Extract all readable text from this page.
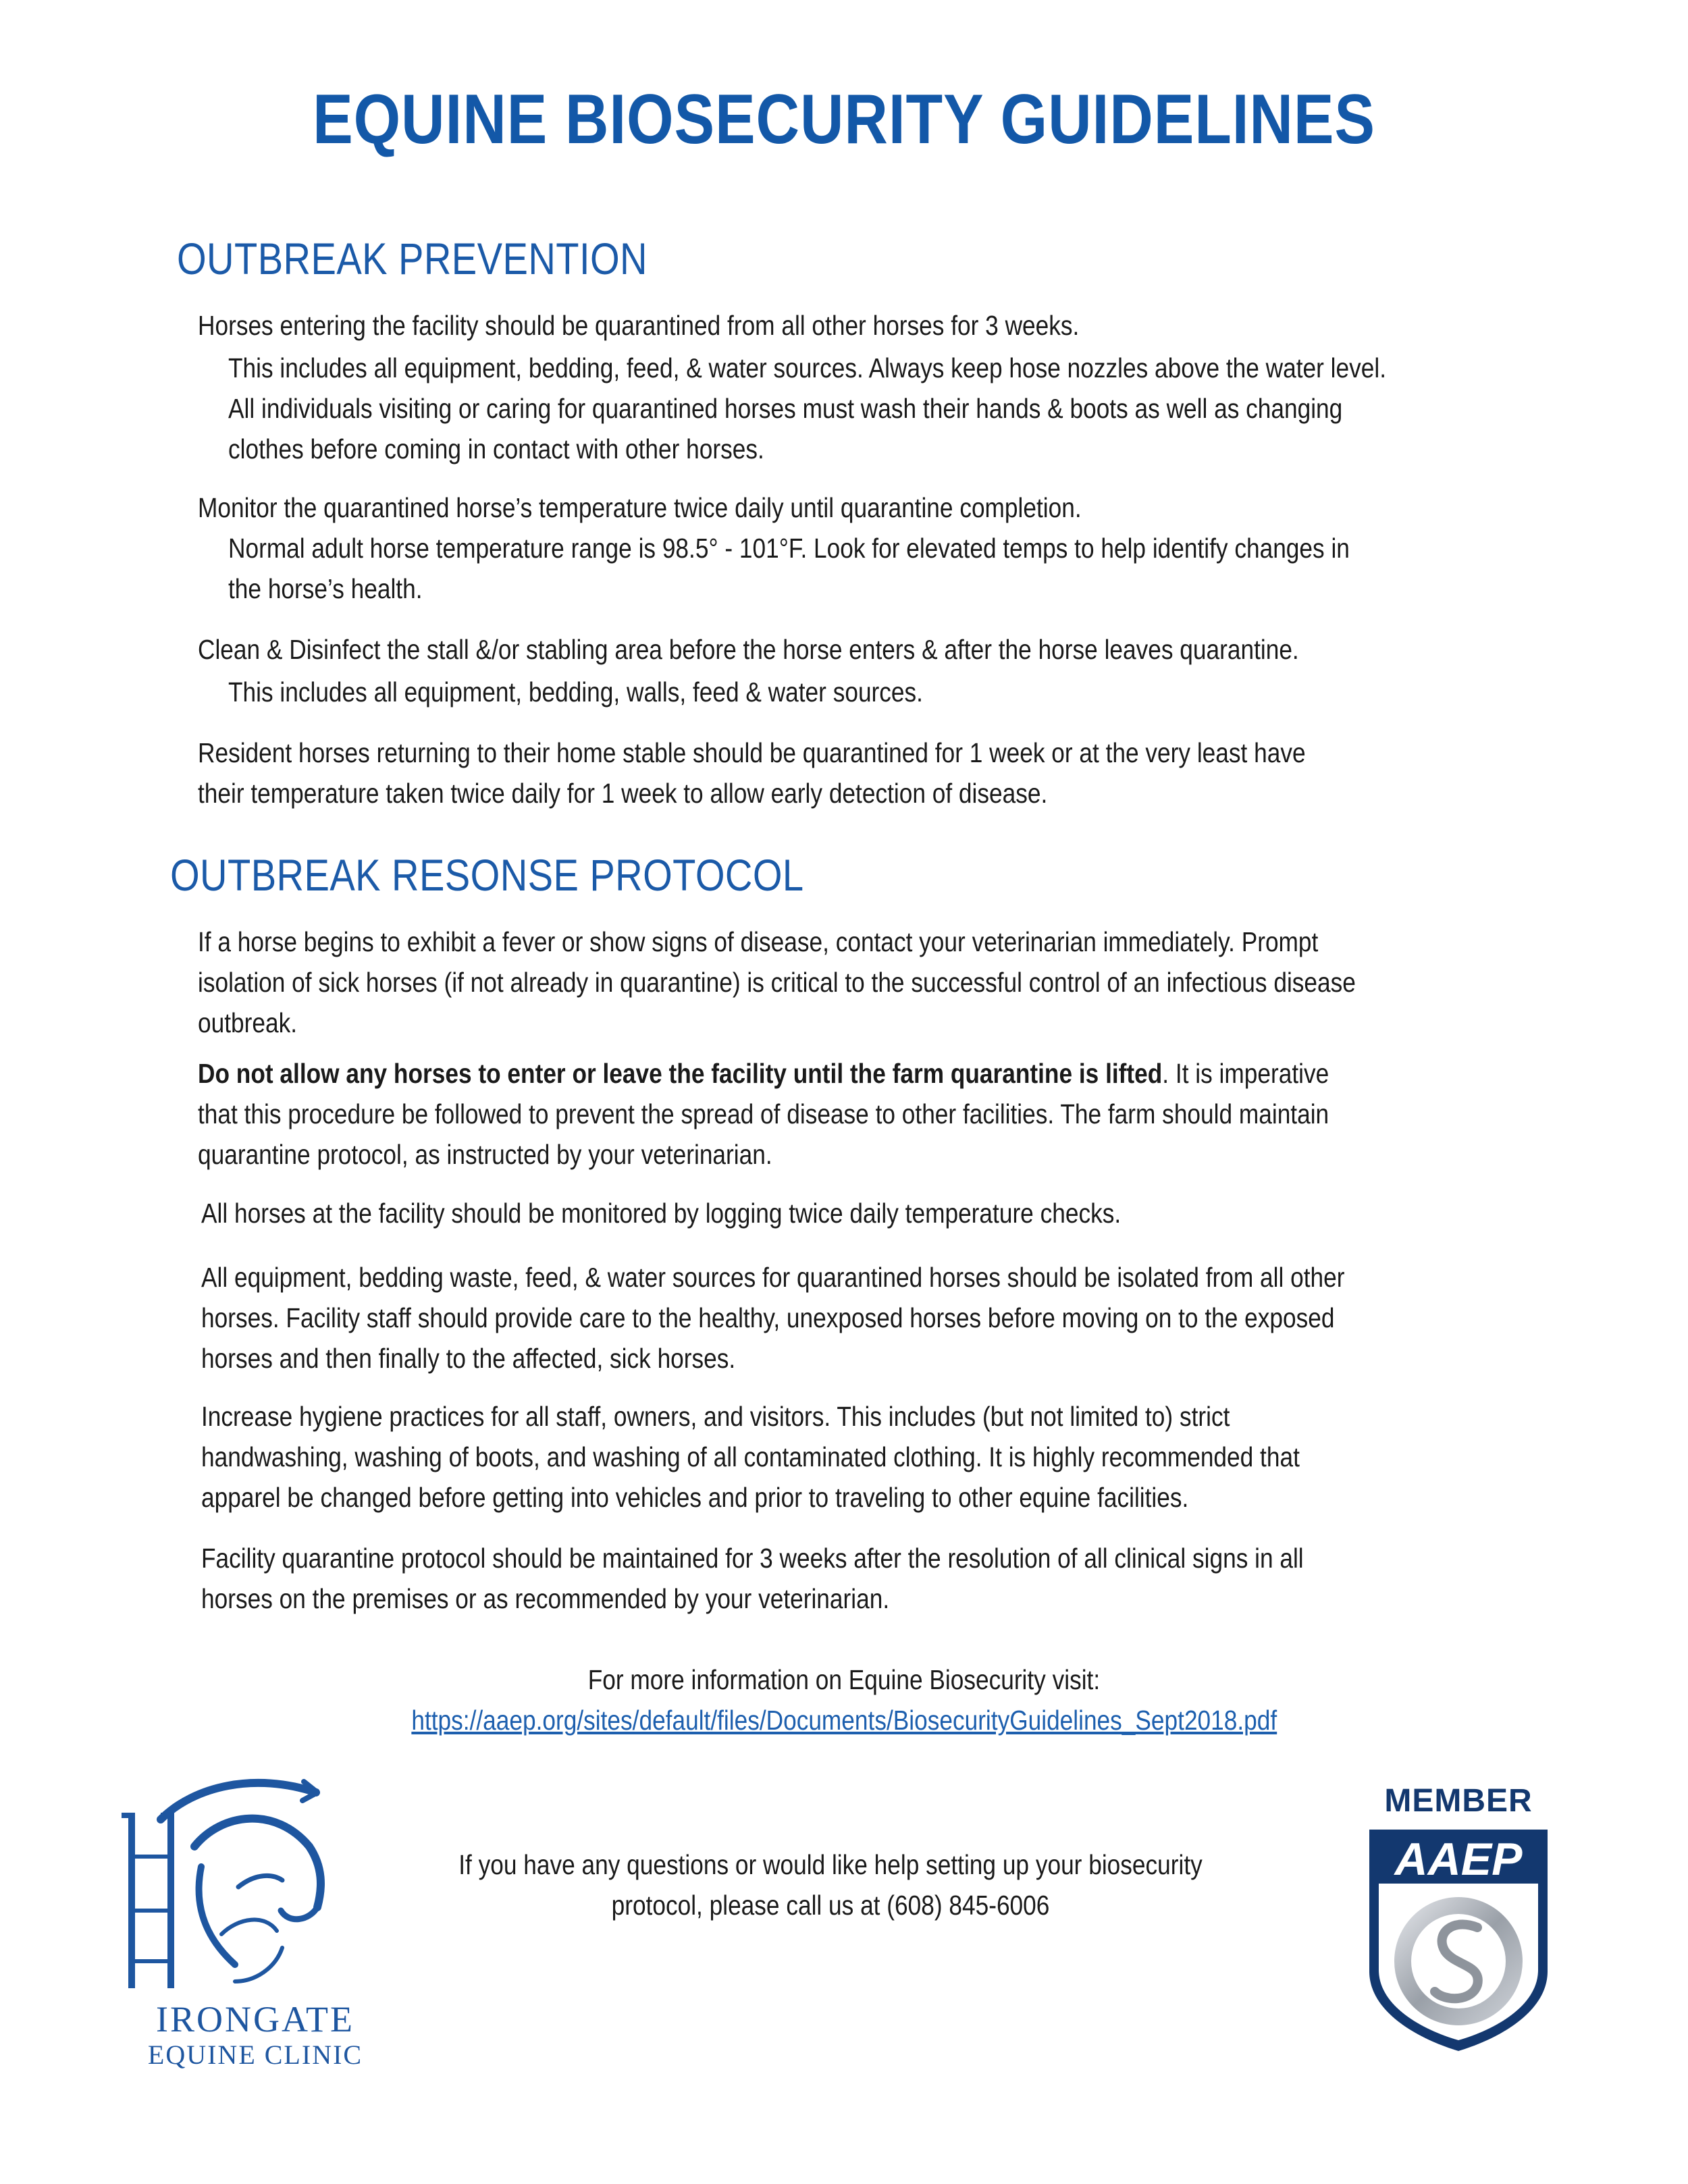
EQUINE BIOSECURITY GUIDELINES
OUTBREAK PREVENTION
Horses entering the facility should be quarantined from all other horses for 3 weeks.
This includes all equipment, bedding, feed, & water sources. Always keep hose nozzles above the water level.
All individuals visiting or caring for quarantined horses must wash their hands & boots as well as changing
clothes before coming in contact with other horses.
Monitor the quarantined horse’s temperature twice daily until quarantine completion.
Normal adult horse temperature range is 98.5° - 101°F. Look for elevated temps to help identify changes in
the horse’s health.
Clean & Disinfect the stall &/or stabling area before the horse enters & after the horse leaves quarantine.
This includes all equipment, bedding, walls, feed & water sources.
Resident horses returning to their home stable should be quarantined for 1 week or at the very least have
their temperature taken twice daily for 1 week to allow early detection of disease.
OUTBREAK RESONSE PROTOCOL
If a horse begins to exhibit a fever or show signs of disease, contact your veterinarian immediately. Prompt
isolation of sick horses (if not already in quarantine) is critical to the successful control of an infectious disease
outbreak.
Do not allow any horses to enter or leave the facility until the farm quarantine is lifted. It is imperative
that this procedure be followed to prevent the spread of disease to other facilities. The farm should maintain
quarantine protocol, as instructed by your veterinarian.
All horses at the facility should be monitored by logging twice daily temperature checks.
All equipment, bedding waste, feed, & water sources for quarantined horses should be isolated from all other
horses. Facility staff should provide care to the healthy, unexposed horses before moving on to the exposed
horses and then finally to the affected, sick horses.
Increase hygiene practices for all staff, owners, and visitors. This includes (but not limited to) strict
handwashing, washing of boots, and washing of all contaminated clothing. It is highly recommended that
apparel be changed before getting into vehicles and prior to traveling to other equine facilities.
Facility quarantine protocol should be maintained for 3 weeks after the resolution of all clinical signs in all
horses on the premises or as recommended by your veterinarian.
For more information on Equine Biosecurity visit:
https://aaep.org/sites/default/files/Documents/BiosecurityGuidelines_Sept2018.pdf
If you have any questions or would like help setting up your biosecurity
protocol, please call us at (608) 845-6006
IRONGATE
EQUINE CLINIC
MEMBER
AAEP
